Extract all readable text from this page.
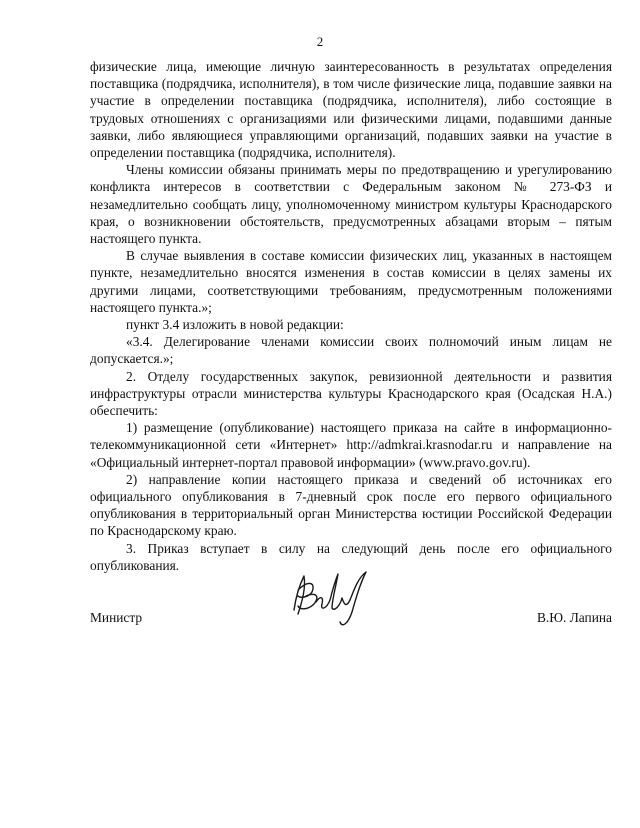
2

физические лица, имеющие личную заинтересованность в результатах определения поставщика (подрядчика, исполнителя), в том числе физические лица, подавшие заявки на участие в определении поставщика (подрядчика, исполнителя), либо состоящие в трудовых отношениях с организациями или физическими лицами, подавшими данные заявки, либо являющиеся управляющими организаций, подавших заявки на участие в определении поставщика (подрядчика, исполнителя).

Члены комиссии обязаны принимать меры по предотвращению и урегулированию конфликта интересов в соответствии с Федеральным законом № 273-ФЗ и незамедлительно сообщать лицу, уполномоченному министром культуры Краснодарского края, о возникновении обстоятельств, предусмотренных абзацами вторым – пятым настоящего пункта.

В случае выявления в составе комиссии физических лиц, указанных в настоящем пункте, незамедлительно вносятся изменения в состав комиссии в целях замены их другими лицами, соответствующими требованиям, предусмотренным положениями настоящего пункта.»;

пункт 3.4 изложить в новой редакции:

«3.4. Делегирование членами комиссии своих полномочий иным лицам не допускается.»;

2. Отделу государственных закупок, ревизионной деятельности и развития инфраструктуры отрасли министерства культуры Краснодарского края (Осадская Н.А.) обеспечить:

1) размещение (опубликование) настоящего приказа на сайте в информационно-телекоммуникационной сети «Интернет» http://admkrai.krasnodar.ru и направление на «Официальный интернет-портал правовой информации» (www.pravo.gov.ru).

2) направление копии настоящего приказа и сведений об источниках его официального опубликования в 7-дневный срок после его первого официального опубликования в территориальный орган Министерства юстиции Российской Федерации по Краснодарскому краю.

3. Приказ вступает в силу на следующий день после его официального опубликования.

Министр	В.Ю. Лапина
